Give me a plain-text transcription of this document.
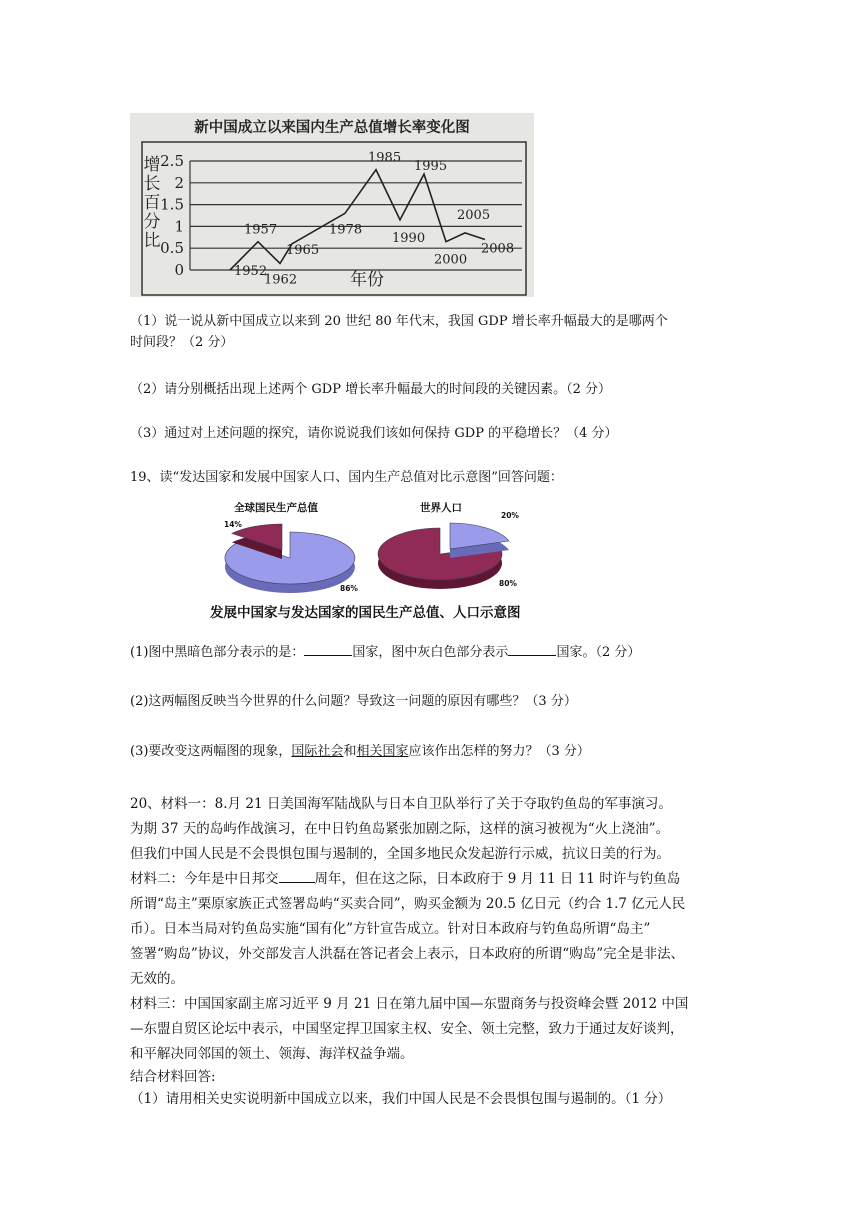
新中国成立以来国内生产总值增长率变化图
0
0.5
1
1.5
2
2.5
增
长
百
分
比
1957
1962
1965
1978
1985
1990
1995
2000
2005
2008
1952	年份
（1）说一说从新中国成立以来到 20 世纪 80 年代末，我国 GDP 增长率升幅最大的是哪两个
时间段？（2 分）
（2）请分别概括出现上述两个 GDP 增长率升幅最大的时间段的关键因素。（2 分）
（3）通过对上述问题的探究，请你说说我们该如何保持 GDP 的平稳增长？（4 分）
19、读“发达国家和发展中国家人口、国内生产总值对比示意图”回答问题：
全球国民生产总值	世界人口
14%
86%
20%
80%
发展中国家与发达国家的国民生产总值、人口示意图
(1)图中黑暗色部分表示的是：	国家，图中灰白色部分表示	国家。（2 分）
(2)这两幅图反映当今世界的什么问题？导致这一问题的原因有哪些？（3 分）
(3)要改变这两幅图的现象，国际社会和相关国家应该作出怎样的努力？（3 分）

20、材料一：8.月 21 日美国海军陆战队与日本自卫队举行了关于夺取钓鱼岛的军事演习。

为期 37 天的岛屿作战演习，在中日钓鱼岛紧张加剧之际，这样的演习被视为“火上浇油”。

但我们中国人民是不会畏惧包围与遏制的，全国多地民众发起游行示威，抗议日美的行为。

材料二：今年是中日邦交	周年，但在这之际，日本政府于 9 月 11 日 11 时许与钓鱼岛

所谓“岛主”栗原家族正式签署岛屿“买卖合同”，购买金额为 20.5 亿日元（约合 1.7 亿元人民

币）。日本当局对钓鱼岛实施“国有化”方针宣告成立。针对日本政府与钓鱼岛所谓“岛主”

签署“购岛”协议，外交部发言人洪磊在答记者会上表示，日本政府的所谓“购岛”完全是非法、

无效的。

材料三：中国国家副主席习近平 9 月 21 日在第九届中国—东盟商务与投资峰会暨 2012 中国

—东盟自贸区论坛中表示，中国坚定捍卫国家主权、安全、领土完整，致力于通过友好谈判，

和平解决同邻国的领土、领海、海洋权益争端。

结合材料回答:

（1）请用相关史实说明新中国成立以来，我们中国人民是不会畏惧包围与遏制的。（1 分）
